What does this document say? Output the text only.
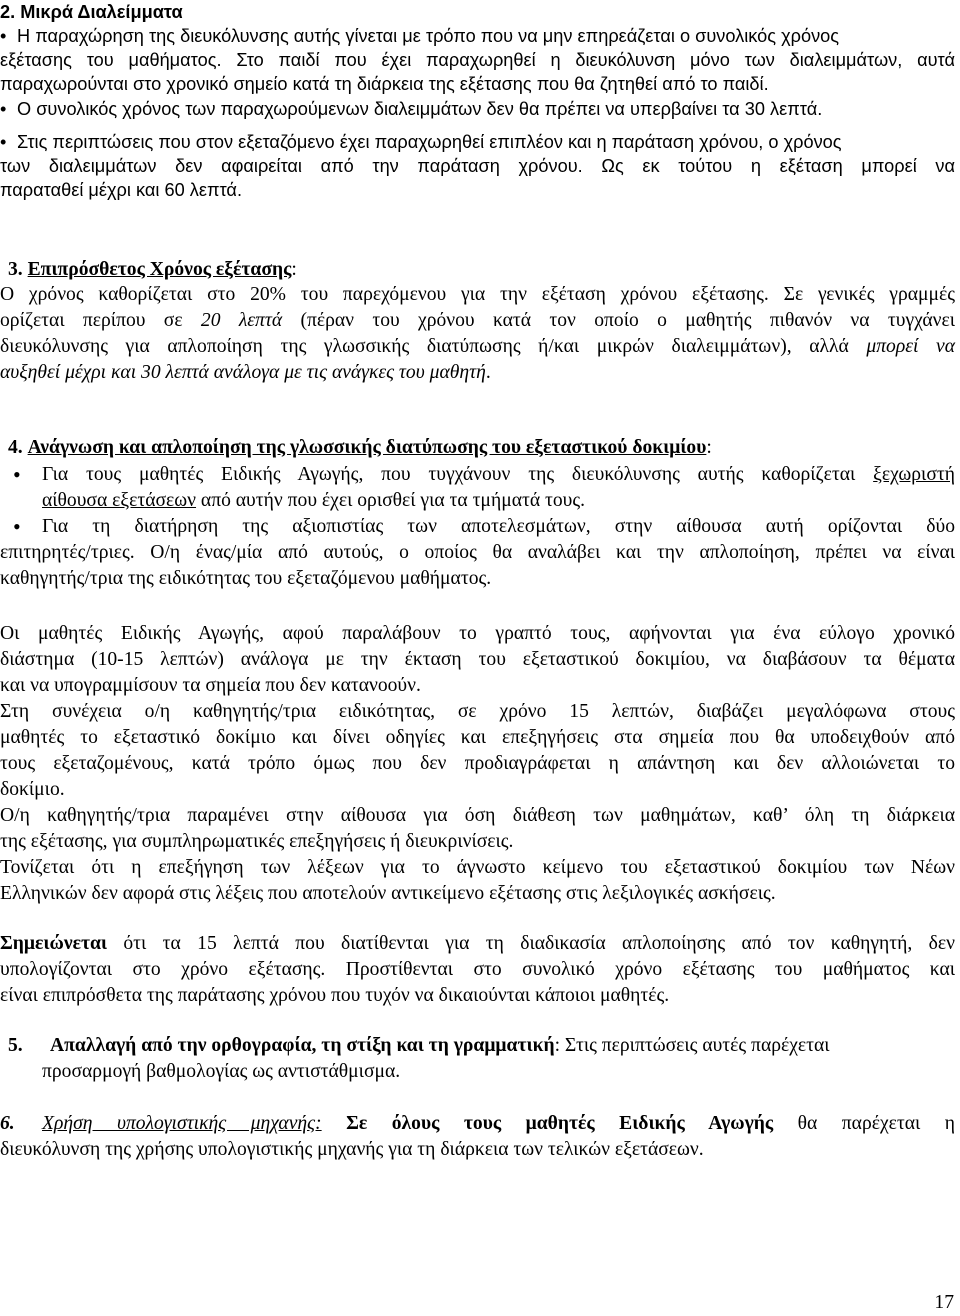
2. Μικρά Διαλείμματα
• Η παραχώρηση της διευκόλυνσης αυτής γίνεται με τρόπο που να μην επηρεάζεται ο συνολικός χρόνος
εξέτασης του μαθήματος. Στο παιδί που έχει παραχωρηθεί η διευκόλυνση μόνο των διαλειμμάτων, αυτά
παραχωρούνται στο χρονικό σημείο κατά τη διάρκεια της εξέτασης που θα ζητηθεί από το παιδί.
• Ο συνολικός χρόνος των παραχωρούμενων διαλειμμάτων δεν θα πρέπει να υπερβαίνει τα 30 λεπτά.
• Στις περιπτώσεις που στον εξεταζόμενο έχει παραχωρηθεί επιπλέον και η παράταση χρόνου, ο χρόνος
των διαλειμμάτων δεν αφαιρείται από την παράταση χρόνου. Ως εκ τούτου η εξέταση μπορεί να
παραταθεί μέχρι και 60 λεπτά.
3. Επιπρόσθετος Χρόνος εξέτασης:
Ο χρόνος καθορίζεται στο 20% του παρεχόμενου για την εξέταση χρόνου εξέτασης. Σε γενικές γραμμές
ορίζεται περίπου σε 20 λεπτά (πέραν του χρόνου κατά τον οποίο ο μαθητής πιθανόν να τυγχάνει
διευκόλυνσης για απλοποίηση της γλωσσικής διατύπωσης ή/και μικρών διαλειμμάτων), αλλά μπορεί να
αυξηθεί μέχρι και 30 λεπτά ανάλογα με τις ανάγκες του μαθητή.
4. Ανάγνωση και απλοποίηση της γλωσσικής διατύπωσης του εξεταστικού δοκιμίου:
• Για τους μαθητές Ειδικής Αγωγής, που τυγχάνουν της διευκόλυνσης αυτής καθορίζεται ξεχωριστή
αίθουσα εξετάσεων από αυτήν που έχει ορισθεί για τα τμήματά τους.
• Για τη διατήρηση της αξιοπιστίας των αποτελεσμάτων, στην αίθουσα αυτή ορίζονται δύο
επιτηρητές/τριες. Ο/η ένας/μία από αυτούς, ο οποίος θα αναλάβει και την απλοποίηση, πρέπει να είναι
καθηγητής/τρια της ειδικότητας του εξεταζόμενου μαθήματος.
Οι μαθητές Ειδικής Αγωγής, αφού παραλάβουν το γραπτό τους, αφήνονται για ένα εύλογο χρονικό
διάστημα (10-15 λεπτών) ανάλογα με την έκταση του εξεταστικού δοκιμίου, να διαβάσουν τα θέματα
και να υπογραμμίσουν τα σημεία που δεν κατανοούν.
Στη συνέχεια ο/η καθηγητής/τρια ειδικότητας, σε χρόνο 15 λεπτών, διαβάζει μεγαλόφωνα στους
μαθητές το εξεταστικό δοκίμιο και δίνει οδηγίες και επεξηγήσεις στα σημεία που θα υποδειχθούν από
τους εξεταζομένους, κατά τρόπο όμως που δεν προδιαγράφεται η απάντηση και δεν αλλοιώνεται το
δοκίμιο.
Ο/η καθηγητής/τρια παραμένει στην αίθουσα για όση διάθεση των μαθημάτων, καθ’ όλη τη διάρκεια
της εξέτασης, για συμπληρωματικές επεξηγήσεις ή διευκρινίσεις.
Τονίζεται ότι η επεξήγηση των λέξεων για το άγνωστο κείμενο του εξεταστικού δοκιμίου των Νέων
Ελληνικών δεν αφορά στις λέξεις που αποτελούν αντικείμενο εξέτασης στις λεξιλογικές ασκήσεις.
Σημειώνεται ότι τα 15 λεπτά που διατίθενται για τη διαδικασία απλοποίησης από τον καθηγητή, δεν
υπολογίζονται στο χρόνο εξέτασης. Προστίθενται στο συνολικό χρόνο εξέτασης του μαθήματος και
είναι επιπρόσθετα της παράτασης χρόνου που τυχόν να δικαιούνται κάποιοι μαθητές.
5. Απαλλαγή από την ορθογραφία, τη στίξη και τη γραμματική: Στις περιπτώσεις αυτές παρέχεται
προσαρμογή βαθμολογίας ως αντιστάθμισμα.
6. Χρήση υπολογιστικής μηχανής: Σε όλους τους μαθητές Ειδικής Αγωγής θα παρέχεται η
διευκόλυνση της χρήσης υπολογιστικής μηχανής για τη διάρκεια των τελικών εξετάσεων.
17
